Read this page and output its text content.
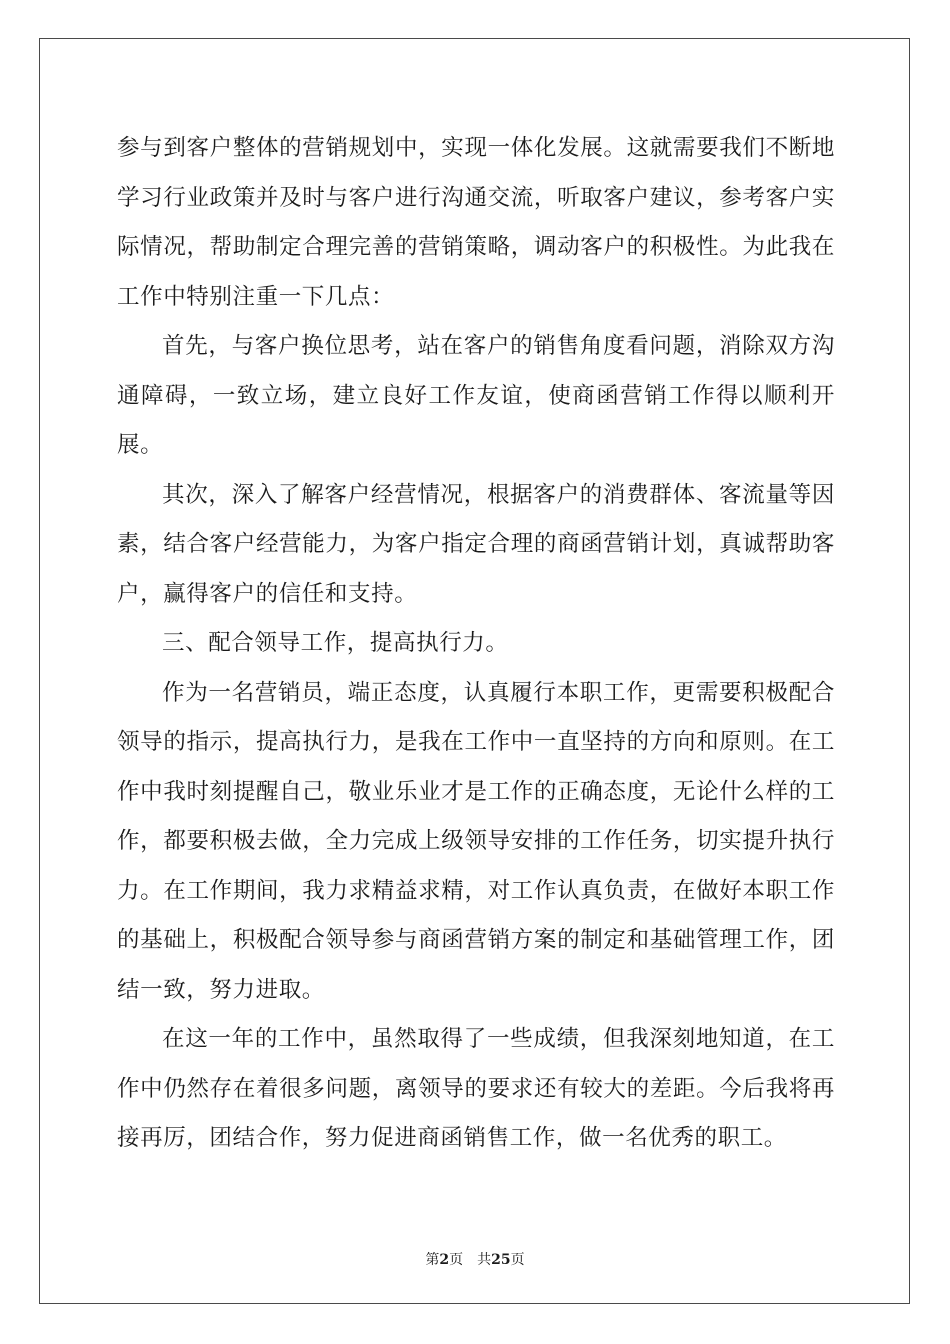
参与到客户整体的营销规划中，实现一体化发展。这就需要我们不断地学习行业政策并及时与客户进行沟通交流，听取客户建议，参考客户实际情况，帮助制定合理完善的营销策略，调动客户的积极性。为此我在工作中特别注重一下几点：

首先，与客户换位思考，站在客户的销售角度看问题，消除双方沟通障碍，一致立场，建立良好工作友谊，使商函营销工作得以顺利开展。

其次，深入了解客户经营情况，根据客户的消费群体、客流量等因素，结合客户经营能力，为客户指定合理的商函营销计划，真诚帮助客户，赢得客户的信任和支持。

三、配合领导工作，提高执行力。

作为一名营销员，端正态度，认真履行本职工作，更需要积极配合领导的指示，提高执行力，是我在工作中一直坚持的方向和原则。在工作中我时刻提醒自己，敬业乐业才是工作的正确态度，无论什么样的工作，都要积极去做，全力完成上级领导安排的工作任务，切实提升执行力。在工作期间，我力求精益求精，对工作认真负责，在做好本职工作的基础上，积极配合领导参与商函营销方案的制定和基础管理工作，团结一致，努力进取。

在这一年的工作中，虽然取得了一些成绩，但我深刻地知道，在工作中仍然存在着很多问题，离领导的要求还有较大的差距。今后我将再接再厉，团结合作，努力促进商函销售工作，做一名优秀的职工。

第2页 共25页
